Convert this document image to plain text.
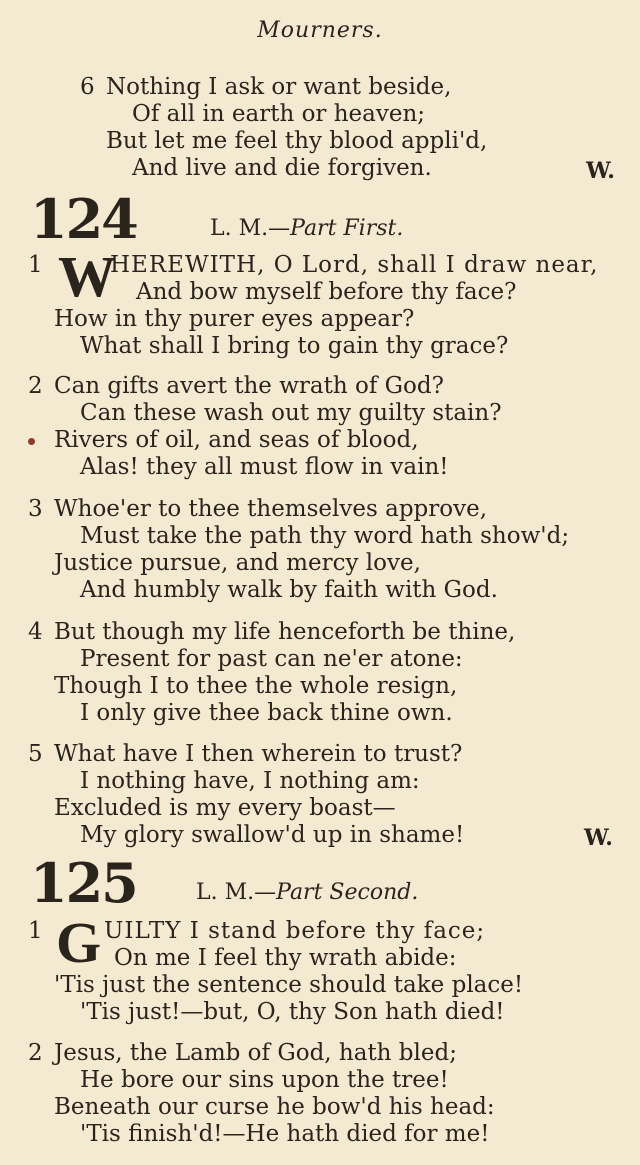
Mourners.
6 Nothing I ask or want beside,
Of all in earth or heaven;
But let me feel thy blood appli'd,
And live and die forgiven.	W.
124	L. M.—Part First.
1 W
HEREWITH, O Lord, shall I draw near,
And bow myself before thy face?
How in thy purer eyes appear?
What shall I bring to gain thy grace?
2 Can gifts avert the wrath of God?
Can these wash out my guilty stain?
Rivers of oil, and seas of blood,
Alas! they all must flow in vain!
3 Whoe'er to thee themselves approve,
Must take the path thy word hath show'd;
Justice pursue, and mercy love,
And humbly walk by faith with God.
4 But though my life henceforth be thine,
Present for past can ne'er atone:
Though I to thee the whole resign,
I only give thee back thine own.
5 What have I then wherein to trust?
I nothing have, I nothing am:
Excluded is my every boast—
My glory swallow'd up in shame!	W.
125	L. M.—Part Second.
1 G UILTY I stand before thy face;
On me I feel thy wrath abide:
'Tis just the sentence should take place!
'Tis just!—but, O, thy Son hath died!
2 Jesus, the Lamb of God, hath bled;
He bore our sins upon the tree!
Beneath our curse he bow'd his head:
'Tis finish'd!—He hath died for me!
